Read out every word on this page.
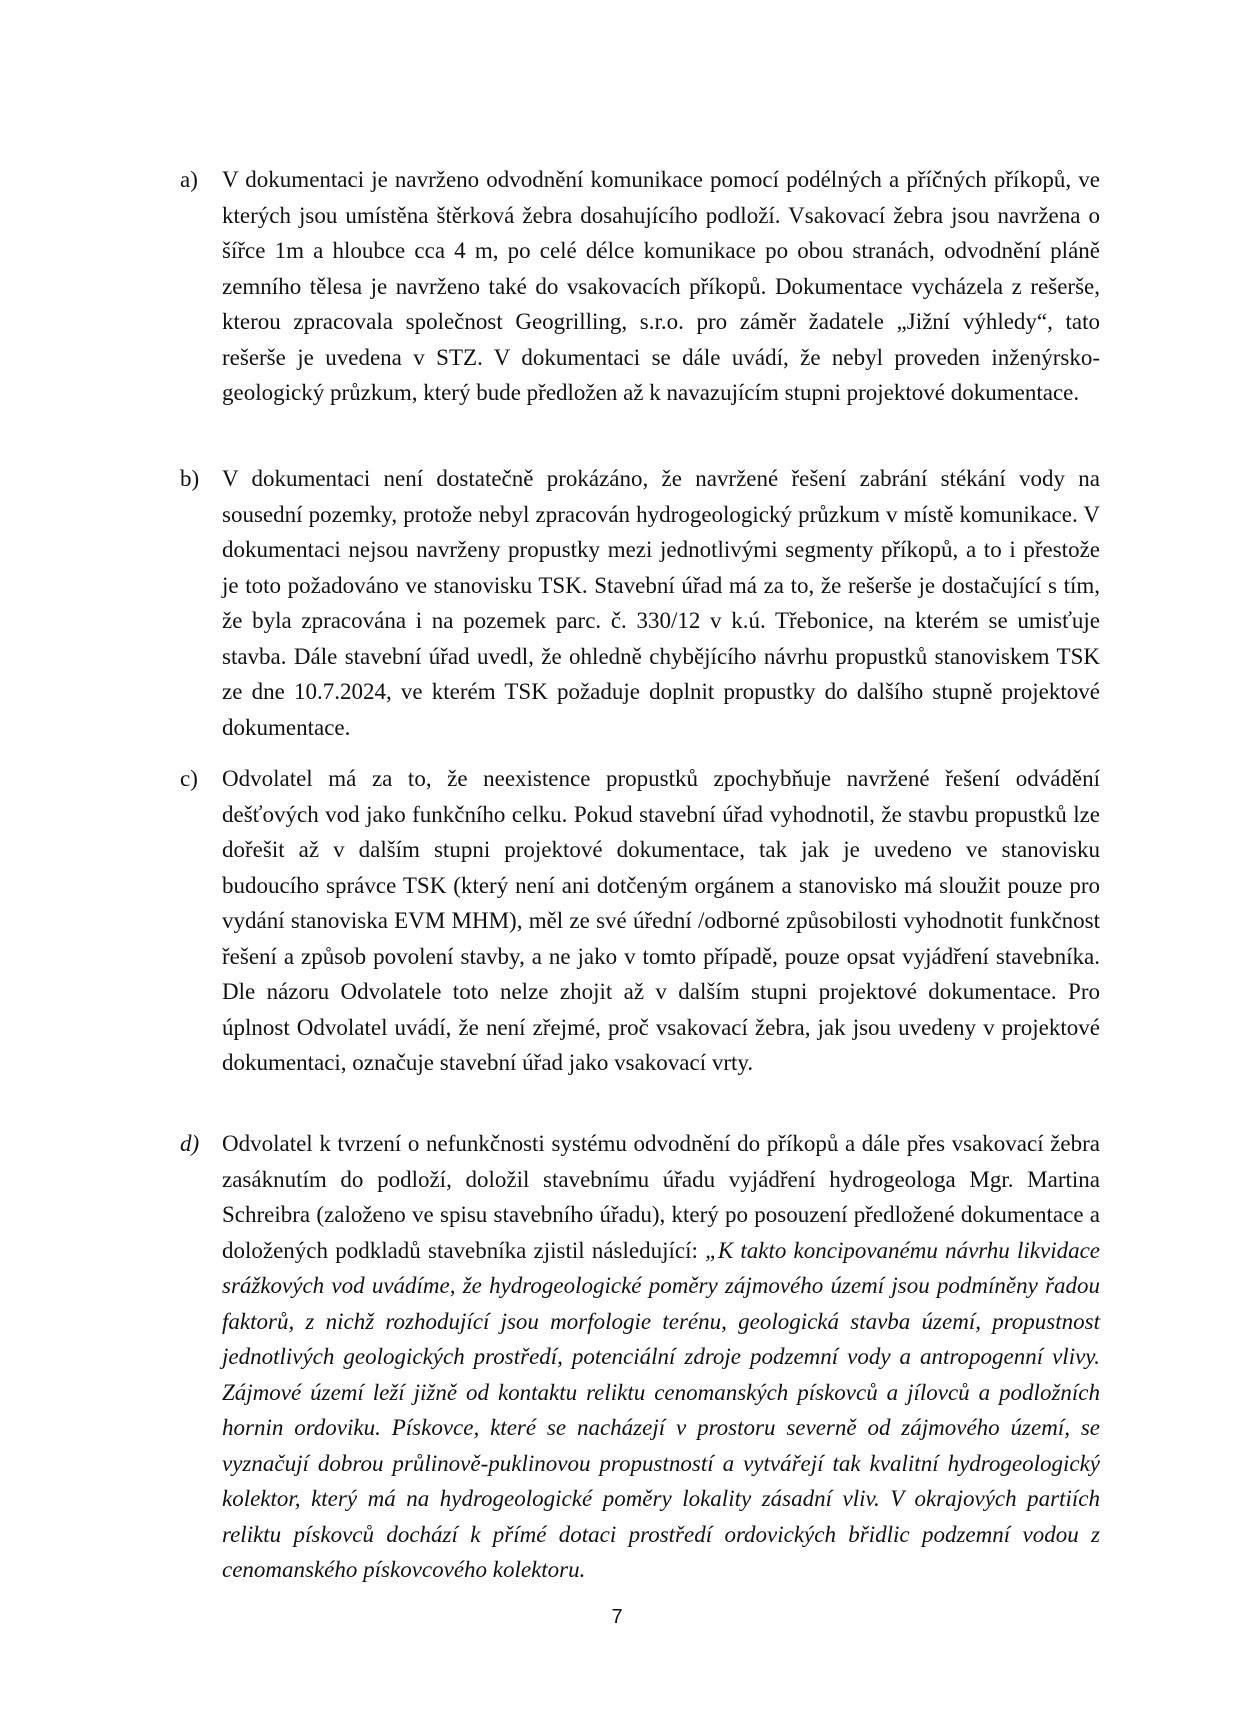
a) V dokumentaci je navrženo odvodnění komunikace pomocí podélných a příčných příkopů, ve kterých jsou umístěna štěrková žebra dosahujícího podloží. Vsakovací žebra jsou navržena o šířce 1m a hloubce cca 4 m, po celé délce komunikace po obou stranách, odvodnění pláně zemního tělesa je navrženo také do vsakovacích příkopů. Dokumentace vycházela z rešerše, kterou zpracovala společnost Geogrilling, s.r.o. pro záměr žadatele „Jižní výhledy“, tato rešerše je uvedena v STZ. V dokumentaci se dále uvádí, že nebyl proveden inženýrsko-geologický průzkum, který bude předložen až k navazujícím stupni projektové dokumentace.
b) V dokumentaci není dostatečně prokázáno, že navržené řešení zabrání stékání vody na sousední pozemky, protože nebyl zpracován hydrogeologický průzkum v místě komunikace. V dokumentaci nejsou navrženy propustky mezi jednotlivými segmenty příkopů, a to i přestože je toto požadováno ve stanovisku TSK. Stavební úřad má za to, že rešerše je dostačující s tím, že byla zpracována i na pozemek parc. č. 330/12 v k.ú. Třebonice, na kterém se umisťuje stavba. Dále stavební úřad uvedl, že ohledně chybějícího návrhu propustků stanoviskem TSK ze dne 10.7.2024, ve kterém TSK požaduje doplnit propustky do dalšího stupně projektové dokumentace.
c) Odvolatel má za to, že neexistence propustků zpochybňuje navržené řešení odvádění dešťových vod jako funkčního celku. Pokud stavební úřad vyhodnotil, že stavbu propustků lze dořešit až v dalším stupni projektové dokumentace, tak jak je uvedeno ve stanovisku budoucího správce TSK (který není ani dotčeným orgánem a stanovisko má sloužit pouze pro vydání stanoviska EVM MHM), měl ze své úřední /odborné způsobilosti vyhodnotit funkčnost řešení a způsob povolení stavby, a ne jako v tomto případě, pouze opsat vyjádření stavebníka. Dle názoru Odvolatele toto nelze zhojit až v dalším stupni projektové dokumentace. Pro úplnost Odvolatel uvádí, že není zřejmé, proč vsakovací žebra, jak jsou uvedeny v projektové dokumentaci, označuje stavební úřad jako vsakovací vrty.
d) Odvolatel k tvrzení o nefunkčnosti systému odvodnění do příkopů a dále přes vsakovací žebra zasáknutím do podloží, doložil stavebnímu úřadu vyjádření hydrogeologa Mgr. Martina Schreibra (založeno ve spisu stavebního úřadu), který po posouzení předložené dokumentace a doložených podkladů stavebníka zjistil následující: „K takto koncipovanému návrhu likvidace srážkových vod uvádíme, že hydrogeologické poměry zájmového území jsou podmíněny řadou faktorů, z nichž rozhodující jsou morfologie terénu, geologická stavba území, propustnost jednotlivých geologických prostředí, potenciální zdroje podzemní vody a antropogenní vlivy. Zájmové území leží jižně od kontaktu reliktu cenomanských pískovců a jílovců a podložních hornin ordoviku. Pískovce, které se nacházejí v prostoru severně od zájmového území, se vyznačují dobrou průlinově-puklinovou propustností a vytvářejí tak kvalitní hydrogeologický kolektor, který má na hydrogeologické poměry lokality zásadní vliv. V okrajových partiích reliktu pískovců dochází k přímé dotaci prostředí ordovických břidlic podzemní vodou z cenomanského pískovcového kolektoru.
7
